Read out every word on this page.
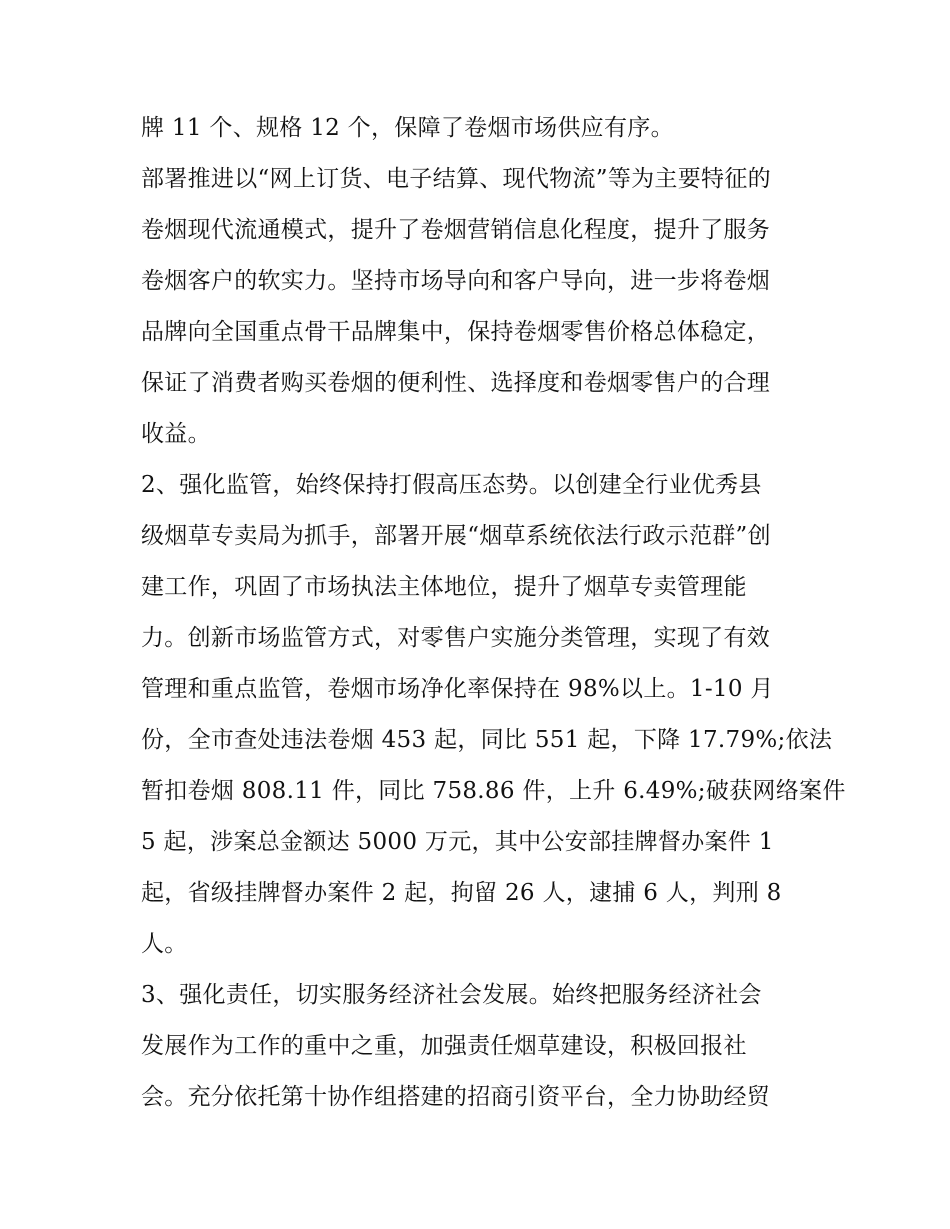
牌 11 个、规格 12 个，保障了卷烟市场供应有序。
部署推进以“网上订货、电子结算、现代物流”等为主要特征的
卷烟现代流通模式，提升了卷烟营销信息化程度，提升了服务
卷烟客户的软实力。坚持市场导向和客户导向，进一步将卷烟
品牌向全国重点骨干品牌集中，保持卷烟零售价格总体稳定，
保证了消费者购买卷烟的便利性、选择度和卷烟零售户的合理
收益。
2、强化监管，始终保持打假高压态势。以创建全行业优秀县
级烟草专卖局为抓手，部署开展“烟草系统依法行政示范群”创
建工作，巩固了市场执法主体地位，提升了烟草专卖管理能
力。创新市场监管方式，对零售户实施分类管理，实现了有效
管理和重点监管，卷烟市场净化率保持在 98%以上。1-10 月
份，全市查处违法卷烟 453 起，同比 551 起，下降 17.79%;依法
暂扣卷烟 808.11 件，同比 758.86 件，上升 6.49%;破获网络案件
5 起，涉案总金额达 5000 万元，其中公安部挂牌督办案件 1
起，省级挂牌督办案件 2 起，拘留 26 人，逮捕 6 人，判刑 8
人。
3、强化责任，切实服务经济社会发展。始终把服务经济社会
发展作为工作的重中之重，加强责任烟草建设，积极回报社
会。充分依托第十协作组搭建的招商引资平台，全力协助经贸
